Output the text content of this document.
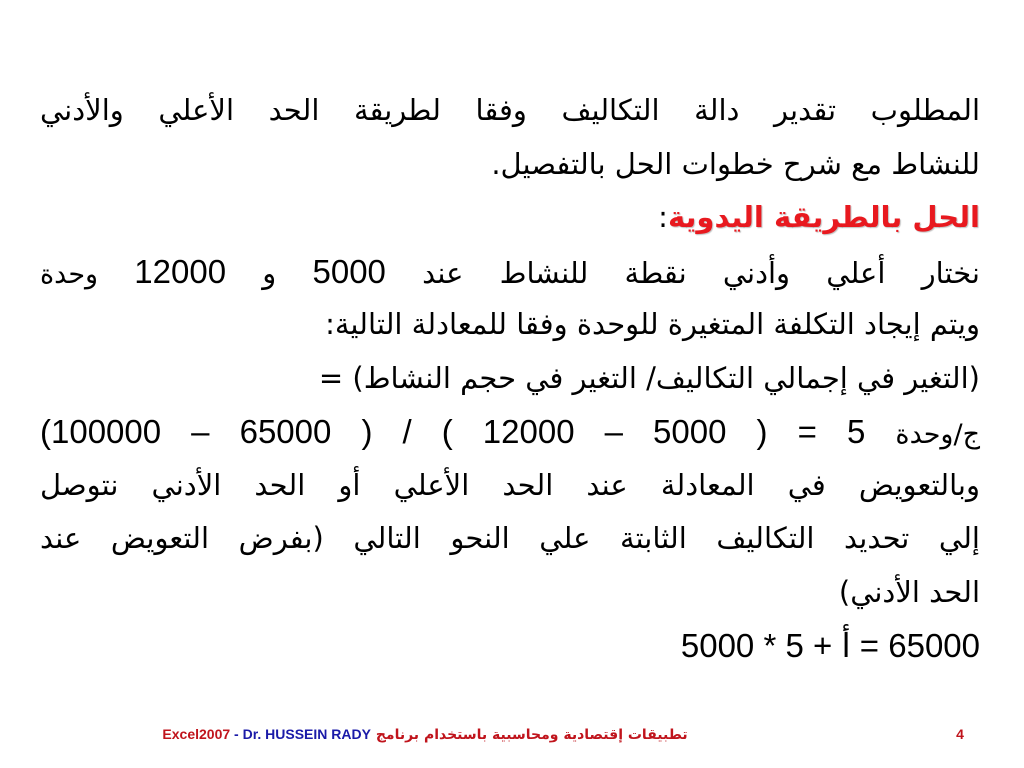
المطلوب تقدير دالة التكاليف وفقا لطريقة الحد الأعلي والأدني
للنشاط مع شرح خطوات الحل بالتفصيل.
الحل بالطريقة اليدوية:
نختار أعلي وأدني نقطة للنشاط عند 5000 و 12000 وحدة
ويتم إيجاد التكلفة المتغيرة للوحدة وفقا للمعادلة التالية:
(التغير في إجمالي التكاليف/ التغير في حجم النشاط) =
ج/وحدة (100000 – 65000 ) / ( 12000 – 5000 ) = 5
وبالتعويض في المعادلة عند الحد الأعلي أو الحد الأدني نتوصل
إلي تحديد التكاليف الثابتة علي النحو التالي (بفرض التعويض عند
الحد الأدني)
65000 = أ + 5 * 5000
تطبيقات إقتصادية ومحاسبية باستخدام برنامج Excel2007 - Dr. HUSSEIN RADY	4
